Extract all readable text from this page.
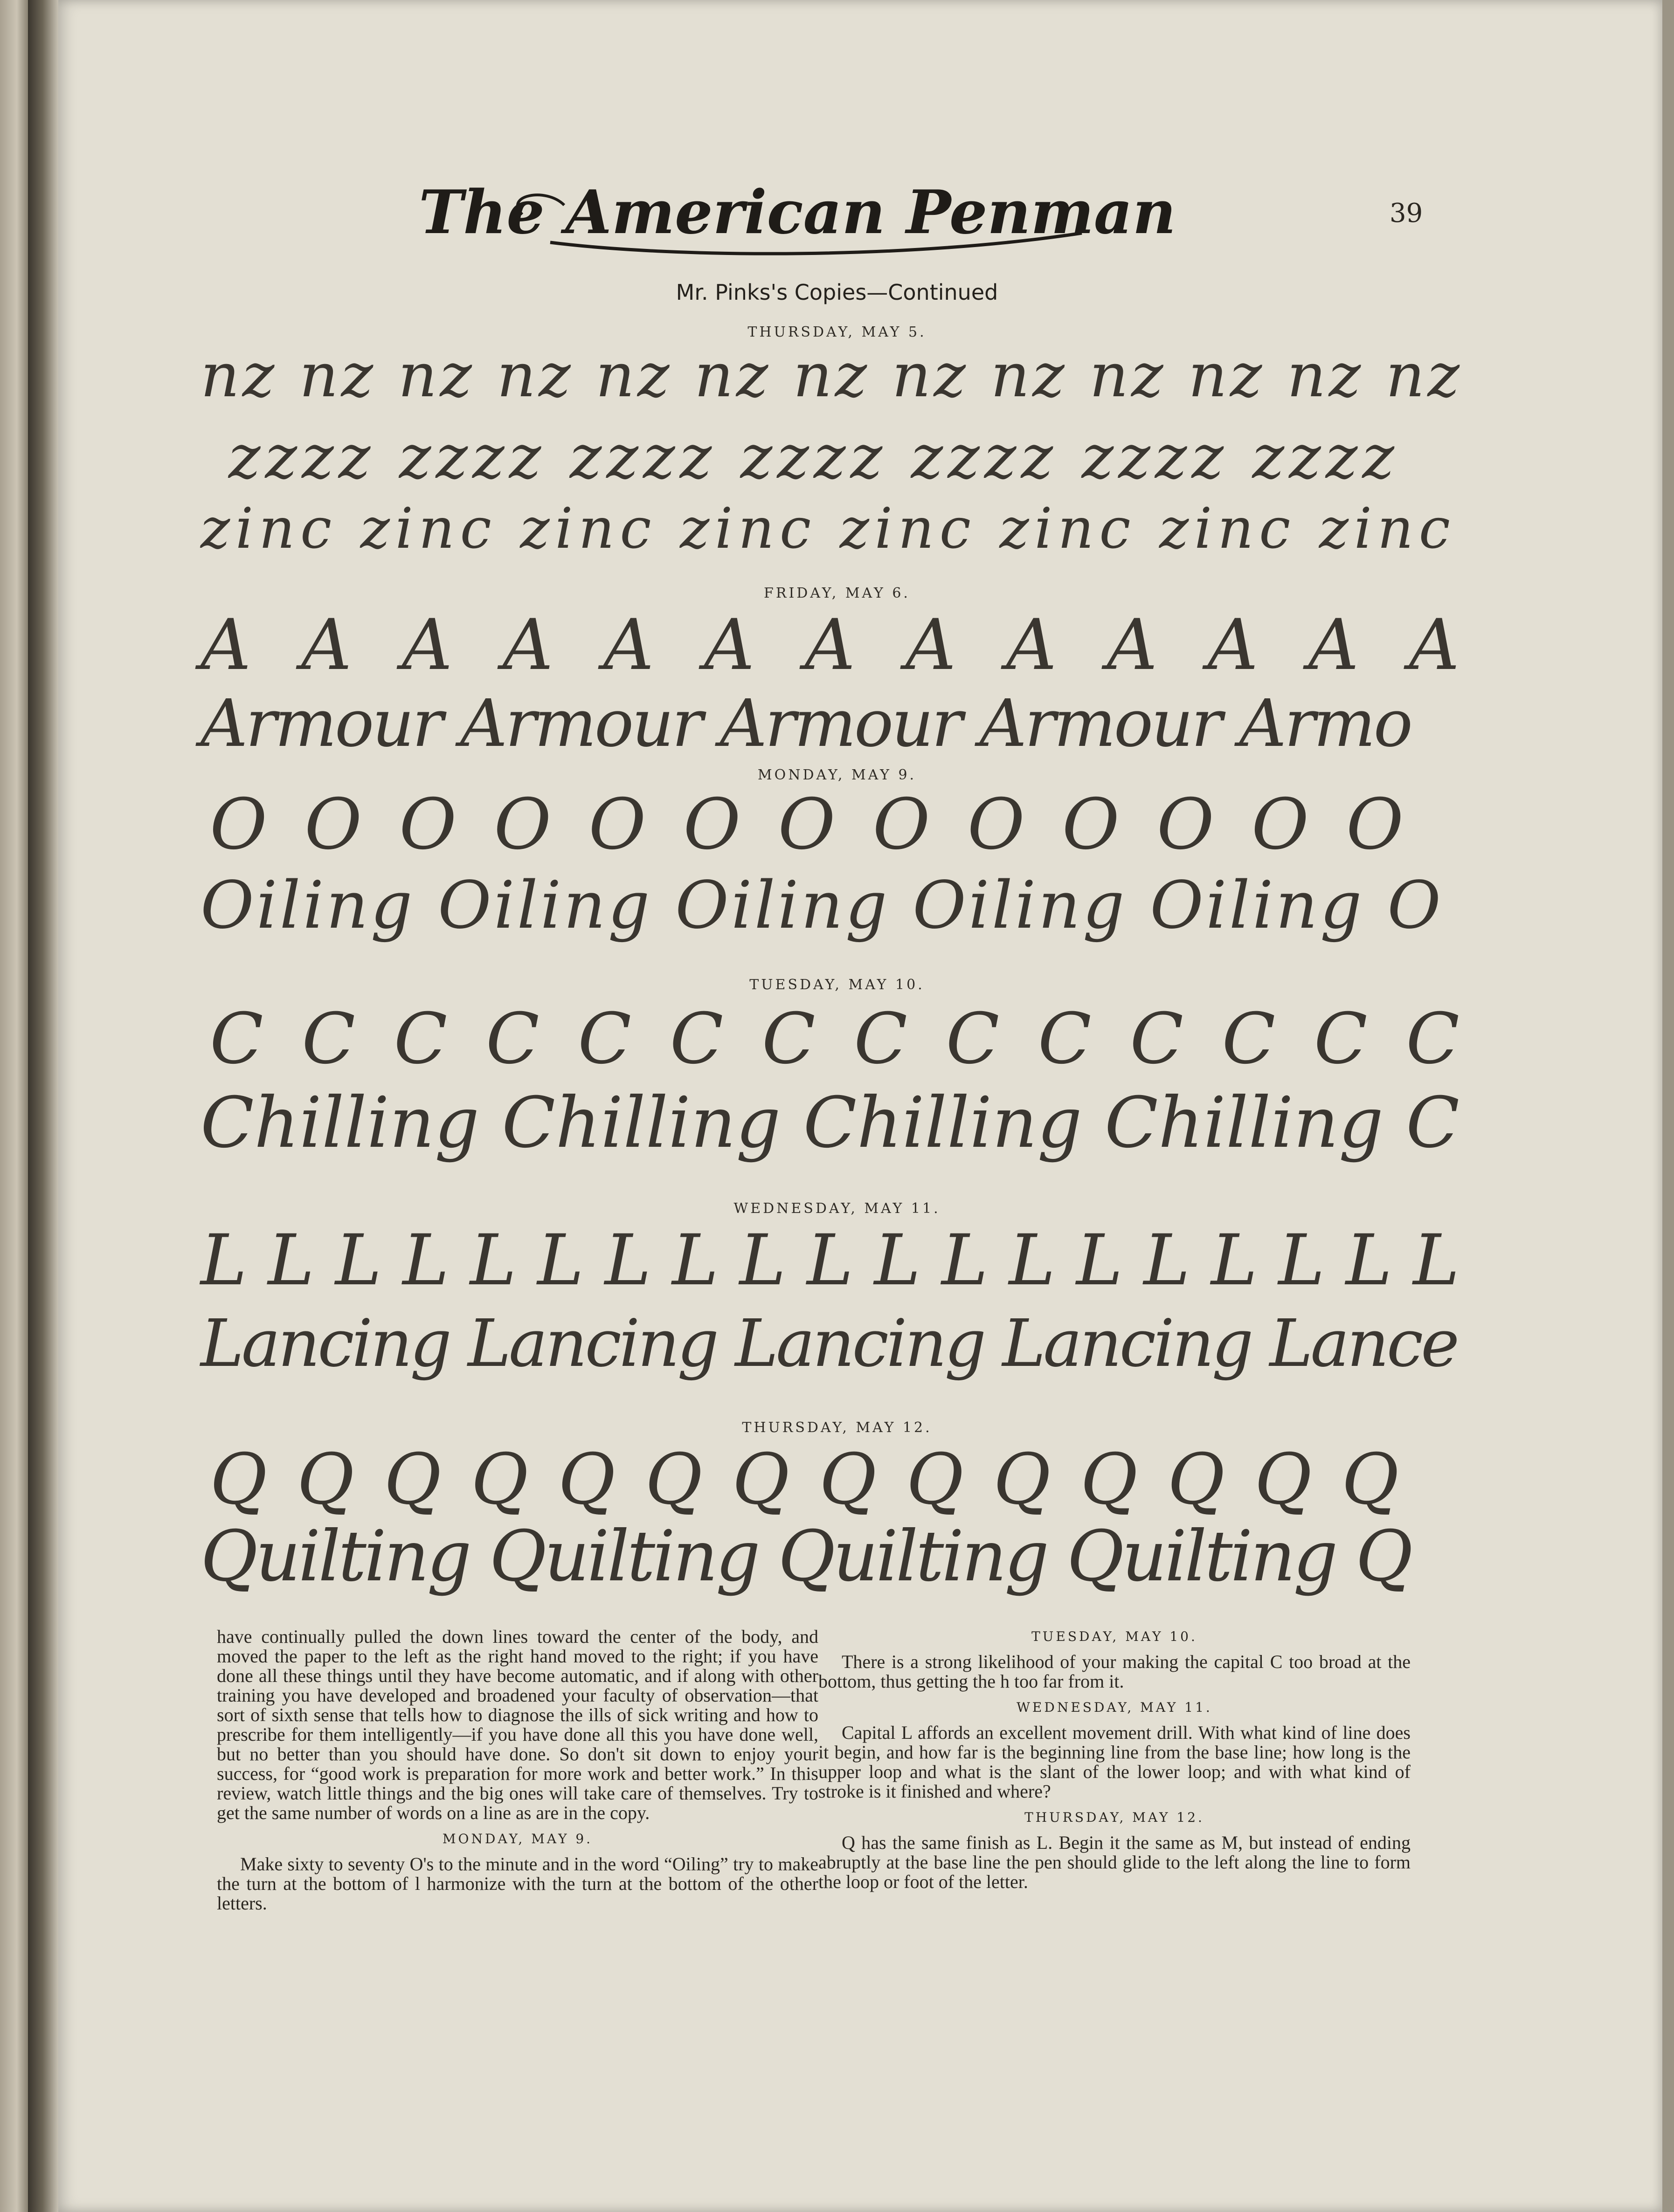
The American Penman	39
Mr. Pinks's Copies—Continued
THURSDAY, MAY 5.
nz nz nz nz nz nz nz nz nz nz nz nz nz
zzzz zzzz zzzz zzzz zzzz zzzz zzzz
zinc zinc zinc zinc zinc zinc zinc zinc
FRIDAY, MAY 6.
A A A A A A A A A A A A A
Armour Armour Armour Armour Armo
MONDAY, MAY 9.
O O O O O O O O O O O O O
Oiling Oiling Oiling Oiling Oiling O
TUESDAY, MAY 10.
C C C C C C C C C C C C C C
Chilling Chilling Chilling Chilling C
WEDNESDAY, MAY 11.
L L L L L L L L L L L L L L L L L L L
Lancing Lancing Lancing Lancing Lance
THURSDAY, MAY 12.
Q Q Q Q Q Q Q Q Q Q Q Q Q Q
Quilting Quilting Quilting Quilting Q

have continually pulled the down lines toward the center of the body, and moved the paper to the left as the right hand moved to the right; if you have done all these things until they have become automatic, and if along with other training you have developed and broadened your faculty of observation—that sort of sixth sense that tells how to diagnose the ills of sick writing and how to prescribe for them intelligently—if you have done all this you have done well, but no better than you should have done. So don't sit down to enjoy your success, for “good work is preparation for more work and better work.” In this review, watch little things and the big ones will take care of themselves. Try to get the same number of words on a line as are in the copy.

MONDAY, MAY 9.

Make sixty to seventy O's to the minute and in the word “Oiling” try to make the turn at the bottom of l harmonize with the turn at the bottom of the other letters.

TUESDAY, MAY 10.

There is a strong likelihood of your making the capital C too broad at the bottom, thus getting the h too far from it.

WEDNESDAY, MAY 11.

Capital L affords an excellent movement drill. With what kind of line does it begin, and how far is the beginning line from the base line; how long is the upper loop and what is the slant of the lower loop; and with what kind of stroke is it finished and where?

THURSDAY, MAY 12.

Q has the same finish as L. Begin it the same as M, but instead of ending abruptly at the base line the pen should glide to the left along the line to form the loop or foot of the letter.
